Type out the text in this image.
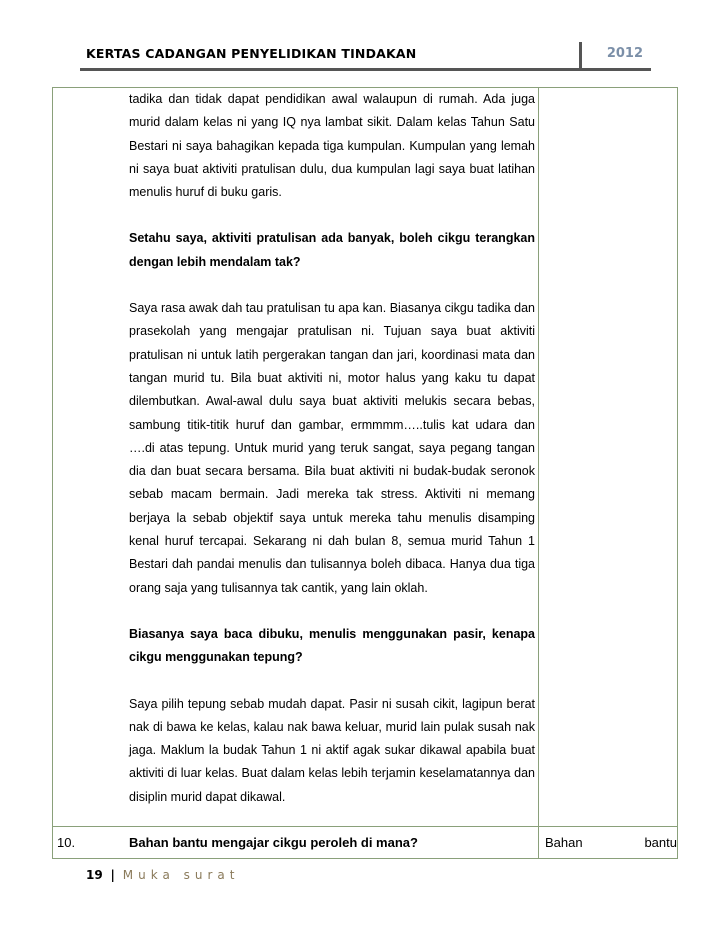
KERTAS CADANGAN PENYELIDIKAN TINDAKAN	2012

tadika dan tidak dapat pendidikan awal walaupun di rumah. Ada juga murid dalam kelas ni yang IQ nya lambat sikit. Dalam kelas Tahun Satu Bestari ni saya bahagikan kepada tiga kumpulan. Kumpulan yang lemah ni saya buat aktiviti pratulisan dulu, dua kumpulan lagi saya buat latihan menulis huruf di buku garis.

Setahu saya, aktiviti pratulisan ada banyak, boleh cikgu terangkan dengan lebih mendalam tak?

Saya rasa awak dah tau pratulisan tu apa kan. Biasanya cikgu tadika dan prasekolah yang mengajar pratulisan ni. Tujuan saya buat aktiviti pratulisan ni untuk latih pergerakan tangan dan jari, koordinasi mata dan tangan murid tu. Bila buat aktiviti ni, motor halus yang kaku tu dapat dilembutkan. Awal-awal dulu saya buat aktiviti melukis secara bebas, sambung titik-titik huruf dan gambar, ermmmm…..tulis kat udara dan ….di atas tepung. Untuk murid yang teruk sangat, saya pegang tangan dia dan buat secara bersama. Bila buat aktiviti ni budak-budak seronok sebab macam bermain. Jadi mereka tak stress. Aktiviti ni memang berjaya la sebab objektif saya untuk mereka tahu menulis disamping kenal huruf tercapai. Sekarang ni dah bulan 8, semua murid Tahun 1 Bestari dah pandai menulis dan tulisannya boleh dibaca. Hanya dua tiga orang saja yang tulisannya tak cantik, yang lain oklah.

Biasanya saya baca dibuku, menulis menggunakan pasir, kenapa cikgu menggunakan tepung?

Saya pilih tepung sebab mudah dapat. Pasir ni susah cikit, lagipun berat nak di bawa ke kelas, kalau nak bawa keluar, murid lain pulak susah nak jaga. Maklum la budak Tahun 1 ni aktif agak sukar dikawal apabila buat aktiviti di luar kelas. Buat dalam kelas lebih terjamin keselamatannya dan disiplin murid dapat dikawal.

10.	Bahan bantu mengajar cikgu peroleh di mana?	Bahan	bantu
19 | Muka surat
